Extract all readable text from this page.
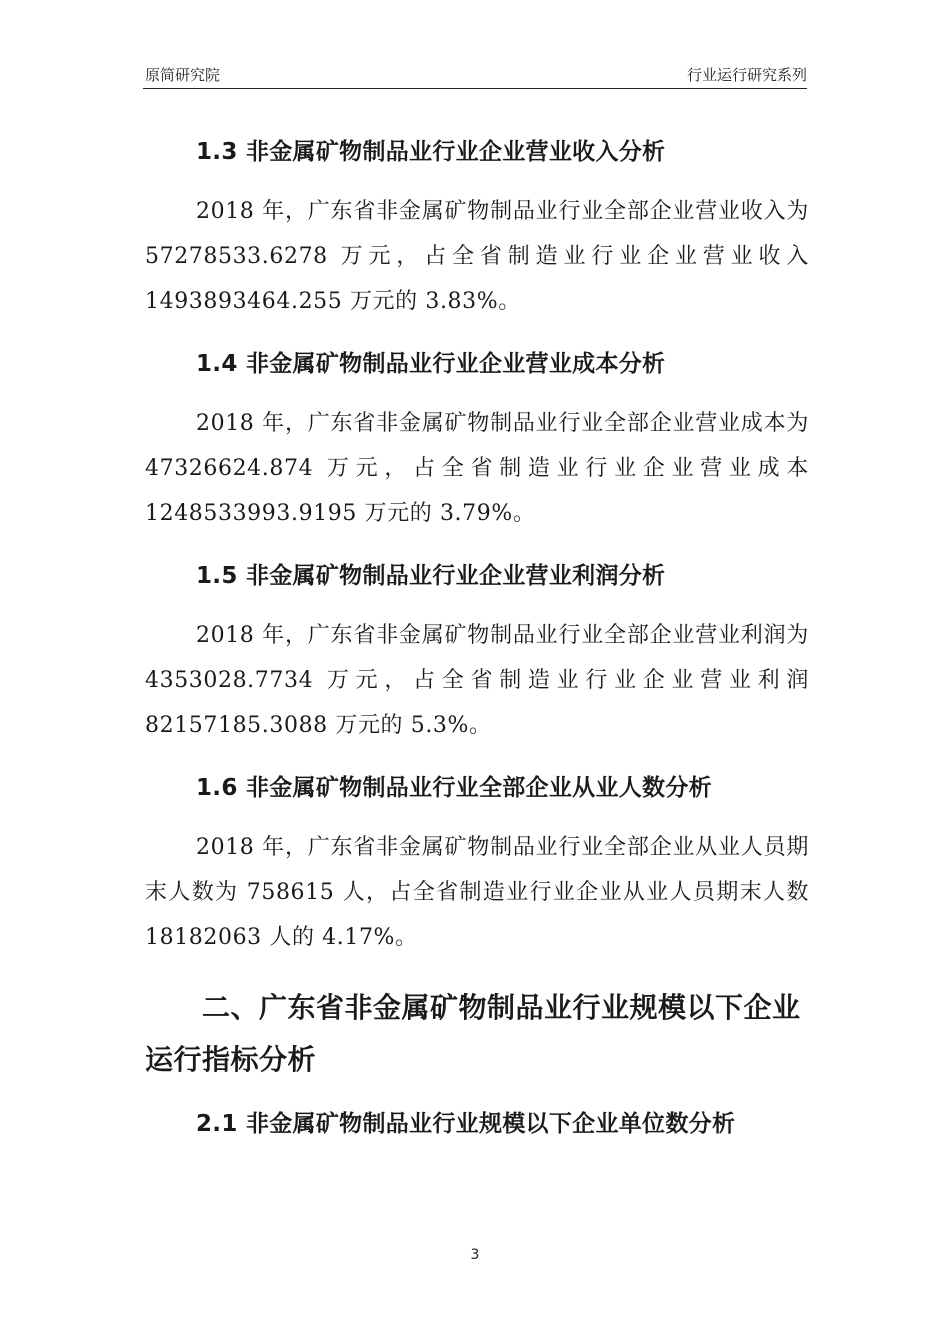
原简研究院	行业运行研究系列
1.3 非金属矿物制品业行业企业营业收入分析

2018 年，广东省非金属矿物制品业行业全部企业营业收入为 57278533.6278 万元，占全省制造业行业企业营业收入 1493893464.255 万元的 3.83%。

1.4 非金属矿物制品业行业企业营业成本分析

2018 年，广东省非金属矿物制品业行业全部企业营业成本为 47326624.874 万元，占全省制造业行业企业营业成本 1248533993.9195 万元的 3.79%。

1.5 非金属矿物制品业行业企业营业利润分析

2018 年，广东省非金属矿物制品业行业全部企业营业利润为 4353028.7734 万元，占全省制造业行业企业营业利润 82157185.3088 万元的 5.3%。

1.6 非金属矿物制品业行业全部企业从业人数分析

2018 年，广东省非金属矿物制品业行业全部企业从业人员期末人数为 758615 人，占全省制造业行业企业从业人员期末人数 18182063 人的 4.17%。

二、广东省非金属矿物制品业行业规模以下企业运行指标分析
2.1 非金属矿物制品业行业规模以下企业单位数分析
3
